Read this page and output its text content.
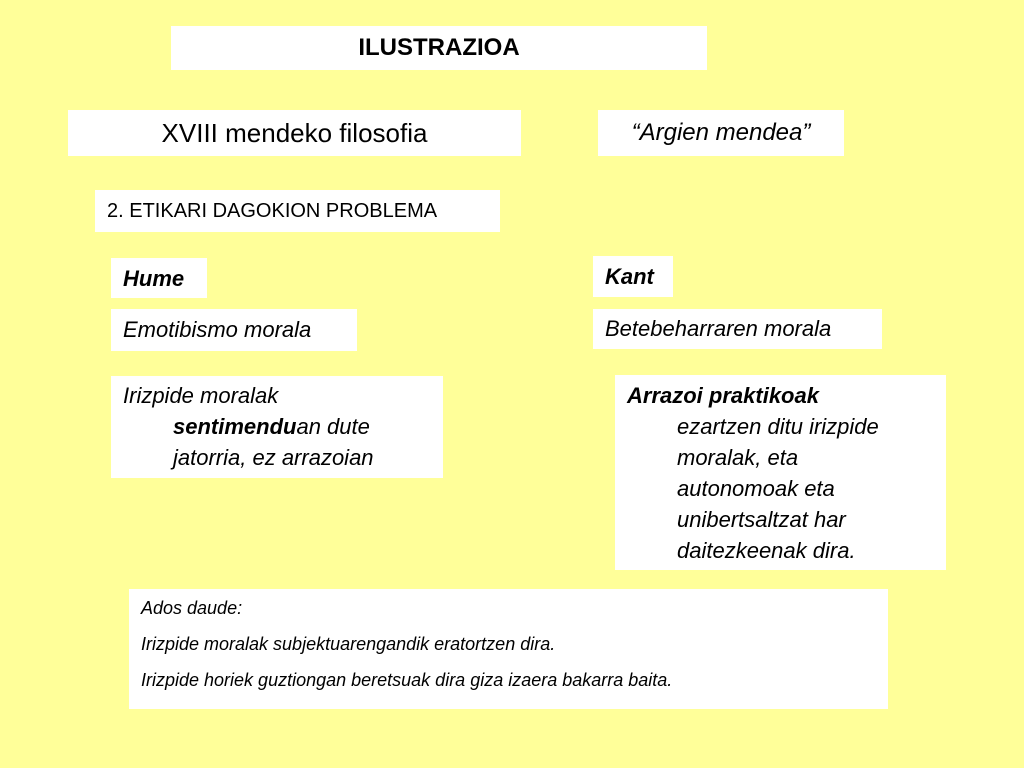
ILUSTRAZIOA
XVIII mendeko filosofia	“Argien mendea”
2. ETIKARI DAGOKION PROBLEMA
Hume	Kant
Emotibismo morala	Betebeharraren morala
Irizpide moralak
sentimenduan dute
jatorria, ez arrazoian
Arrazoi praktikoak
ezartzen ditu irizpide
moralak, eta
autonomoak eta
unibertsaltzat har
daitezkeenak dira.

Ados daude:

Irizpide moralak subjektuarengandik eratortzen dira.

Irizpide horiek guztiongan beretsuak dira giza izaera bakarra baita.
